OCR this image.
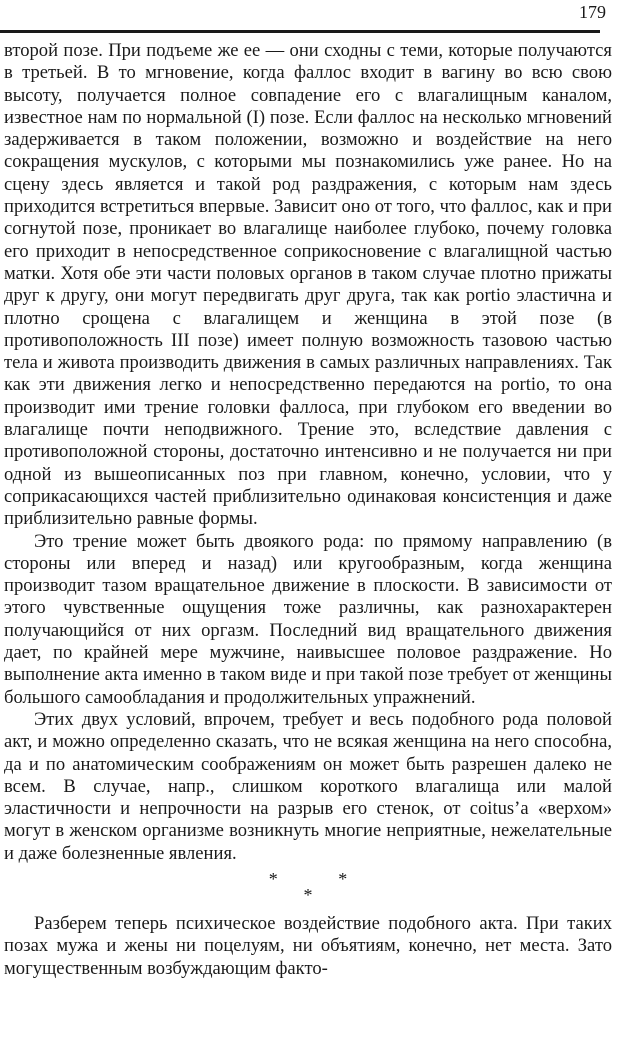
179

второй позе. При подъеме же ее — они сходны с теми, которые получаются в третьей. В то мгновение, когда фаллос входит в вагину во всю свою высоту, получается полное совпадение его с влагалищным каналом, известное нам по нормальной (I) позе. Если фаллос на несколько мгновений задерживается в таком положении, возможно и воздействие на него сокращения мускулов, с которыми мы познакомились уже ранее. Но на сцену здесь является и такой род раздражения, с которым нам здесь приходится встретиться впервые. Зависит оно от того, что фаллос, как и при согнутой позе, проникает во влагалище наиболее глубоко, почему головка его приходит в непосредственное соприкосновение с влагалищной частью матки. Хотя обе эти части половых органов в таком случае плотно прижаты друг к другу, они могут передвигать друг друга, так как portio эластична и плотно срощена с влагалищем и женщина в этой позе (в противоположность III позе) имеет полную возможность тазовою частью тела и живота производить движения в самых различных направлениях. Так как эти движения легко и непосредственно передаются на portio, то она производит ими трение головки фаллоса, при глубоком его введении во влагалище почти неподвижного. Трение это, вследствие давления с противоположной стороны, достаточно интенсивно и не получается ни при одной из вышеописанных поз при главном, конечно, условии, что у соприкасающихся частей приблизительно одинаковая консистенция и даже приблизительно равные формы.

Это трение может быть двоякого рода: по прямому направлению (в стороны или вперед и назад) или кругообразным, когда женщина производит тазом вращательное движение в плоскости. В зависимости от этого чувственные ощущения тоже различны, как разнохарактерен получающийся от них оргазм. Последний вид вращательного движения дает, по крайней мере мужчине, наивысшее половое раздражение. Но выполнение акта именно в таком виде и при такой позе требует от женщины большого самообладания и продолжительных упражнений.

Этих двух условий, впрочем, требует и весь подобного рода половой акт, и можно определенно сказать, что не всякая женщина на него способна, да и по анатомическим соображениям он может быть разрешен далеко не всем. В случае, напр., слишком короткого влагалища или малой эластичности и непрочности на разрыв его стенок, от coitus’а «верхом» могут в женском организме возникнуть многие неприятные, нежелательные и даже болезненные явления.

*	*
*

Разберем теперь психическое воздействие подобного акта. При таких позах мужа и жены ни поцелуям, ни объятиям, конечно, нет места. Зато могущественным возбуждающим факто-
